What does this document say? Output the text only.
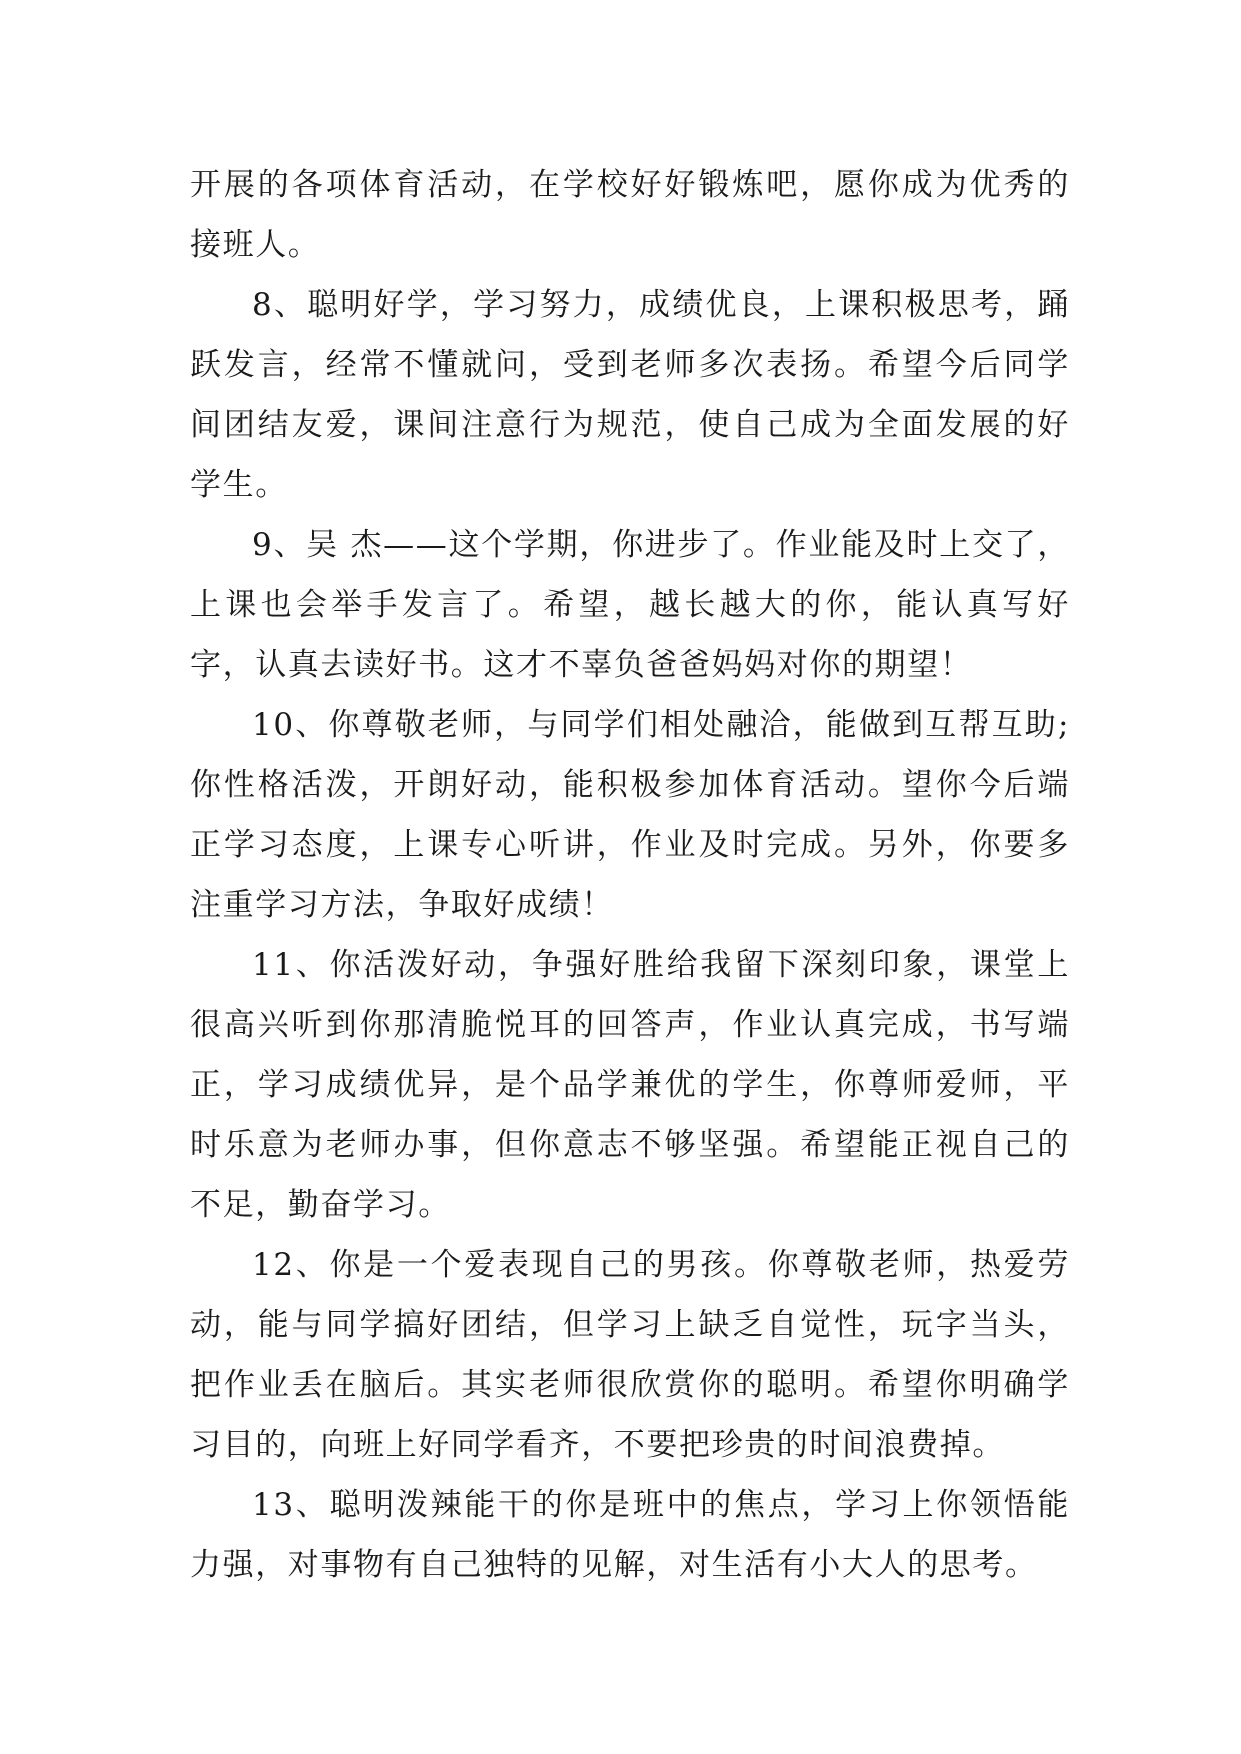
开展的各项体育活动，在学校好好锻炼吧，愿你成为优秀的接班人。

8、聪明好学，学习努力，成绩优良，上课积极思考，踊跃发言，经常不懂就问，受到老师多次表扬。希望今后同学间团结友爱，课间注意行为规范，使自己成为全面发展的好学生。

9、吴 杰——这个学期，你进步了。作业能及时上交了，上课也会举手发言了。希望，越长越大的你，能认真写好字，认真去读好书。这才不辜负爸爸妈妈对你的期望！

10、你尊敬老师，与同学们相处融洽，能做到互帮互助;你性格活泼，开朗好动，能积极参加体育活动。望你今后端正学习态度，上课专心听讲，作业及时完成。另外，你要多注重学习方法，争取好成绩！

11、你活泼好动，争强好胜给我留下深刻印象，课堂上很高兴听到你那清脆悦耳的回答声，作业认真完成，书写端正，学习成绩优异，是个品学兼优的学生，你尊师爱师，平时乐意为老师办事，但你意志不够坚强。希望能正视自己的不足，勤奋学习。

12、你是一个爱表现自己的男孩。你尊敬老师，热爱劳动，能与同学搞好团结，但学习上缺乏自觉性，玩字当头，把作业丢在脑后。其实老师很欣赏你的聪明。希望你明确学习目的，向班上好同学看齐，不要把珍贵的时间浪费掉。

13、聪明泼辣能干的你是班中的焦点，学习上你领悟能力强，对事物有自己独特的见解，对生活有小大人的思考。
